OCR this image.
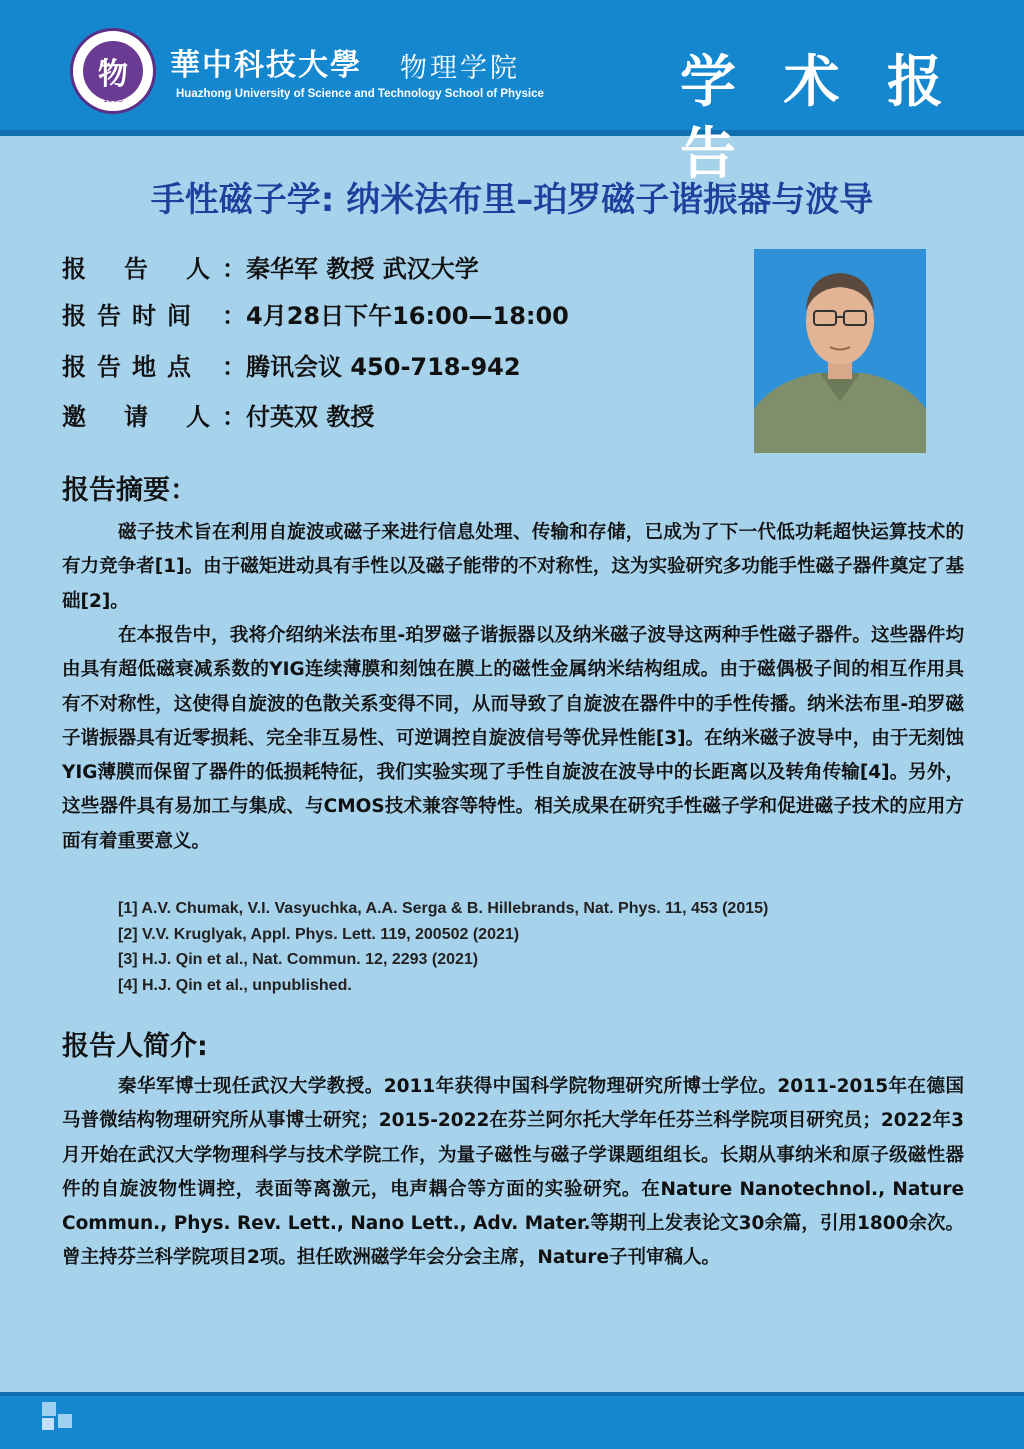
物
1983
華中科技大學 物理学院
Huazhong University of Science and Technology School of Physice 学 术 报 告
手性磁子学: 纳米法布里–珀罗磁子谐振器与波导
报告人：秦华军 教授 武汉大学
报告时间 ：4月28日下午16:00—18:00
报告地点 ：腾讯会议 450-718-942
邀请人：付英双 教授
报告摘要：
磁子技术旨在利用自旋波或磁子来进行信息处理、传输和存储，已成为了下一代低功耗超快运算技术的有力竞争者[1]。由于磁矩进动具有手性以及磁子能带的不对称性，这为实验研究多功能手性磁子器件奠定了基础[2]。
在本报告中，我将介绍纳米法布里-珀罗磁子谐振器以及纳米磁子波导这两种手性磁子器件。这些器件均由具有超低磁衰减系数的YIG连续薄膜和刻蚀在膜上的磁性金属纳米结构组成。由于磁偶极子间的相互作用具有不对称性，这使得自旋波的色散关系变得不同，从而导致了自旋波在器件中的手性传播。纳米法布里-珀罗磁子谐振器具有近零损耗、完全非互易性、可逆调控自旋波信号等优异性能[3]。在纳米磁子波导中，由于无刻蚀YIG薄膜而保留了器件的低损耗特征，我们实验实现了手性自旋波在波导中的长距离以及转角传输[4]。另外，这些器件具有易加工与集成、与CMOS技术兼容等特性。相关成果在研究手性磁子学和促进磁子技术的应用方面有着重要意义。
[1] A.V. Chumak, V.I. Vasyuchka, A.A. Serga & B. Hillebrands, Nat. Phys. 11, 453 (2015)
[2] V.V. Kruglyak, Appl. Phys. Lett. 119, 200502 (2021)
[3] H.J. Qin et al., Nat. Commun. 12, 2293 (2021)
[4] H.J. Qin et al., unpublished.
报告人简介:
秦华军博士现任武汉大学教授。2011年获得中国科学院物理研究所博士学位。2011-2015年在德国马普微结构物理研究所从事博士研究；2015-2022在芬兰阿尔托大学年任芬兰科学院项目研究员；2022年3月开始在武汉大学物理科学与技术学院工作，为量子磁性与磁子学课题组组长。长期从事纳米和原子级磁性器件的自旋波物性调控，表面等离激元，电声耦合等方面的实验研究。在Nature Nanotechnol., Nature Commun., Phys. Rev. Lett., Nano Lett., Adv. Mater.等期刊上发表论文30余篇，引用1800余次。曾主持芬兰科学院项目2项。担任欧洲磁学年会分会主席，Nature子刊审稿人。
